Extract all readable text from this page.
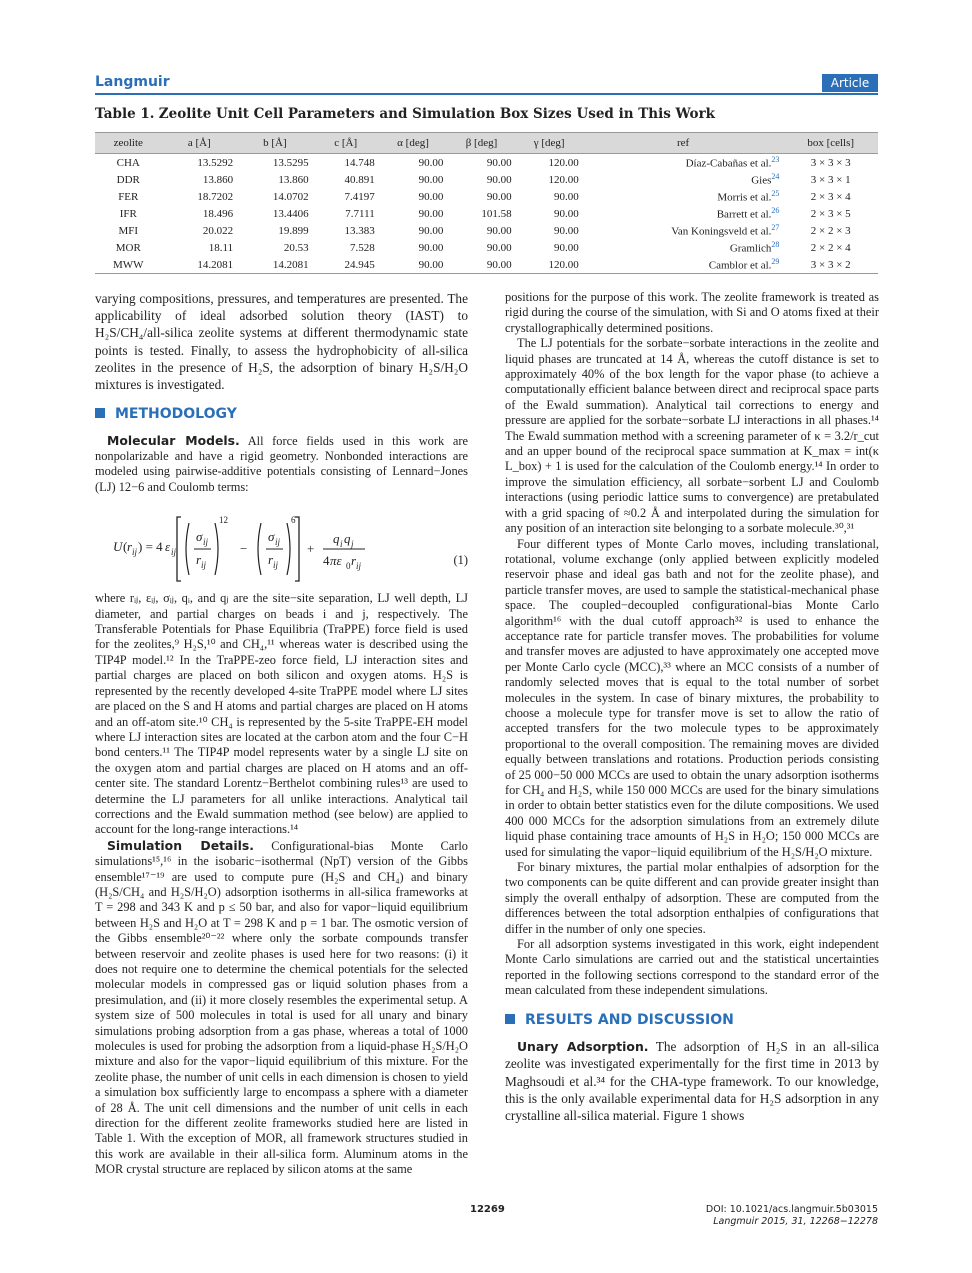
Langmuir	Article
Table 1. Zeolite Unit Cell Parameters and Simulation Box Sizes Used in This Work
zeolite	a [Å]	b [Å]	c [Å]	α [deg]	β [deg]	γ [deg]	ref	box [cells]
CHA	13.5292	13.5295	14.748	90.00	90.00	120.00	Díaz-Cabañas et al.$^{23}$	3 × 3 × 3
DDR	13.860	13.860	40.891	90.00	90.00	120.00	Gies$^{24}$	3 × 3 × 1
FER	18.7202	14.0702	7.4197	90.00	90.00	90.00	Morris et al.$^{25}$	2 × 3 × 4
IFR	18.496	13.4406	7.7111	90.00	101.58	90.00	Barrett et al.$^{26}$	2 × 3 × 5
MFI	20.022	19.899	13.383	90.00	90.00	90.00	Van Koningsveld et al.$^{27}$	2 × 2 × 3
MOR	18.11	20.53	7.528	90.00	90.00	90.00	Gramlich$^{28}$	2 × 2 × 4
MWW	14.2081	14.2081	24.945	90.00	90.00	120.00	Camblor et al.$^{29}$	3 × 3 × 2

varying compositions, pressures, and temperatures are presented. The applicability of ideal adsorbed solution theory (IAST) to H₂S/CH₄/all-silica zeolite systems at different thermodynamic state points is tested. Finally, to assess the hydrophobicity of all-silica zeolites in the presence of H₂S, the adsorption of binary H₂S/H₂O mixtures is investigated.

METHODOLOGY

Molecular Models. All force fields used in this work are nonpolarizable and have a rigid geometry. Nonbonded interactions are modeled using pairwise-additive potentials consisting of Lennard−Jones (LJ) 12−6 and Coulomb terms:

U ( r ij ) = 4 ε ij
σ ij
r ij
12
−
σ ij
r ij
6
+
q i q j
4 πε 0 r ij	(1)

where rᵢⱼ, εᵢⱼ, σᵢⱼ, qᵢ, and qⱼ are the site−site separation, LJ well depth, LJ diameter, and partial charges on beads i and j, respectively. The Transferable Potentials for Phase Equilibria (TraPPE) force field is used for the zeolites,⁹ H₂S,¹⁰ and CH₄,¹¹ whereas water is described using the TIP4P model.¹² In the TraPPE-zeo force field, LJ interaction sites and partial charges are placed on both silicon and oxygen atoms. H₂S is represented by the recently developed 4-site TraPPE model where LJ sites are placed on the S and H atoms and partial charges are placed on H atoms and an off-atom site.¹⁰ CH₄ is represented by the 5-site TraPPE-EH model where LJ interaction sites are located at the carbon atom and the four C−H bond centers.¹¹ The TIP4P model represents water by a single LJ site on the oxygen atom and partial charges are placed on H atoms and an off-center site. The standard Lorentz−Berthelot combining rules¹³ are used to determine the LJ parameters for all unlike interactions. Analytical tail corrections and the Ewald summation method (see below) are applied to account for the long-range interactions.¹⁴

Simulation Details. Configurational-bias Monte Carlo simulations¹⁵,¹⁶ in the isobaric−isothermal (NpT) version of the Gibbs ensemble¹⁷⁻¹⁹ are used to compute pure (H₂S and CH₄) and binary (H₂S/CH₄ and H₂S/H₂O) adsorption isotherms in all-silica frameworks at T = 298 and 343 K and p ≤ 50 bar, and also for vapor−liquid equilibrium between H₂S and H₂O at T = 298 K and p = 1 bar. The osmotic version of the Gibbs ensemble²⁰⁻²² where only the sorbate compounds transfer between reservoir and zeolite phases is used here for two reasons: (i) it does not require one to determine the chemical potentials for the selected molecular models in compressed gas or liquid solution phases from a presimulation, and (ii) it more closely resembles the experimental setup. A system size of 500 molecules in total is used for all unary and binary simulations probing adsorption from a gas phase, whereas a total of 1000 molecules is used for probing the adsorption from a liquid-phase H₂S/H₂O mixture and also for the vapor−liquid equilibrium of this mixture. For the zeolite phase, the number of unit cells in each dimension is chosen to yield a simulation box sufficiently large to encompass a sphere with a diameter of 28 Å. The unit cell dimensions and the number of unit cells in each direction for the different zeolite frameworks studied here are listed in Table 1. With the exception of MOR, all framework structures studied in this work are available in their all-silica form. Aluminum atoms in the MOR crystal structure are replaced by silicon atoms at the same

positions for the purpose of this work. The zeolite framework is treated as rigid during the course of the simulation, with Si and O atoms fixed at their crystallographically determined positions.

The LJ potentials for the sorbate−sorbate interactions in the zeolite and liquid phases are truncated at 14 Å, whereas the cutoff distance is set to approximately 40% of the box length for the vapor phase (to achieve a computationally efficient balance between direct and reciprocal space parts of the Ewald summation). Analytical tail corrections to energy and pressure are applied for the sorbate−sorbate LJ interactions in all phases.¹⁴ The Ewald summation method with a screening parameter of κ = 3.2/r_cut and an upper bound of the reciprocal space summation at K_max = int(κ L_box) + 1 is used for the calculation of the Coulomb energy.¹⁴ In order to improve the simulation efficiency, all sorbate−sorbent LJ and Coulomb interactions (using periodic lattice sums to convergence) are pretabulated with a grid spacing of ≈0.2 Å and interpolated during the simulation for any position of an interaction site belonging to a sorbate molecule.³⁰,³¹

Four different types of Monte Carlo moves, including translational, rotational, volume exchange (only applied between explicitly modeled reservoir phase and ideal gas bath and not for the zeolite phase), and particle transfer moves, are used to sample the statistical-mechanical phase space. The coupled−decoupled configurational-bias Monte Carlo algorithm¹⁶ with the dual cutoff approach³² is used to enhance the acceptance rate for particle transfer moves. The probabilities for volume and transfer moves are adjusted to have approximately one accepted move per Monte Carlo cycle (MCC),³³ where an MCC consists of a number of randomly selected moves that is equal to the total number of sorbet molecules in the system. In case of binary mixtures, the probability to choose a molecule type for transfer move is set to allow the ratio of accepted transfers for the two molecule types to be approximately proportional to the overall composition. The remaining moves are divided equally between translations and rotations. Production periods consisting of 25 000−50 000 MCCs are used to obtain the unary adsorption isotherms for CH₄ and H₂S, while 150 000 MCCs are used for the binary simulations in order to obtain better statistics even for the dilute compositions. We used 400 000 MCCs for the adsorption simulations from an extremely dilute liquid phase containing trace amounts of H₂S in H₂O; 150 000 MCCs are used for simulating the vapor−liquid equilibrium of the H₂S/H₂O mixture.

For binary mixtures, the partial molar enthalpies of adsorption for the two components can be quite different and can provide greater insight than simply the overall enthalpy of adsorption. These are computed from the differences between the total adsorption enthalpies of configurations that differ in the number of only one species.

For all adsorption systems investigated in this work, eight independent Monte Carlo simulations are carried out and the statistical uncertainties reported in the following sections correspond to the standard error of the mean calculated from these independent simulations.

RESULTS AND DISCUSSION

Unary Adsorption. The adsorption of H₂S in an all-silica zeolite was investigated experimentally for the first time in 2013 by Maghsoudi et al.³⁴ for the CHA-type framework. To our knowledge, this is the only available experimental data for H₂S adsorption in any crystalline all-silica material. Figure 1 shows

12269	DOI: 10.1021/acs.langmuir.5b03015
Langmuir 2015, 31, 12268−12278
